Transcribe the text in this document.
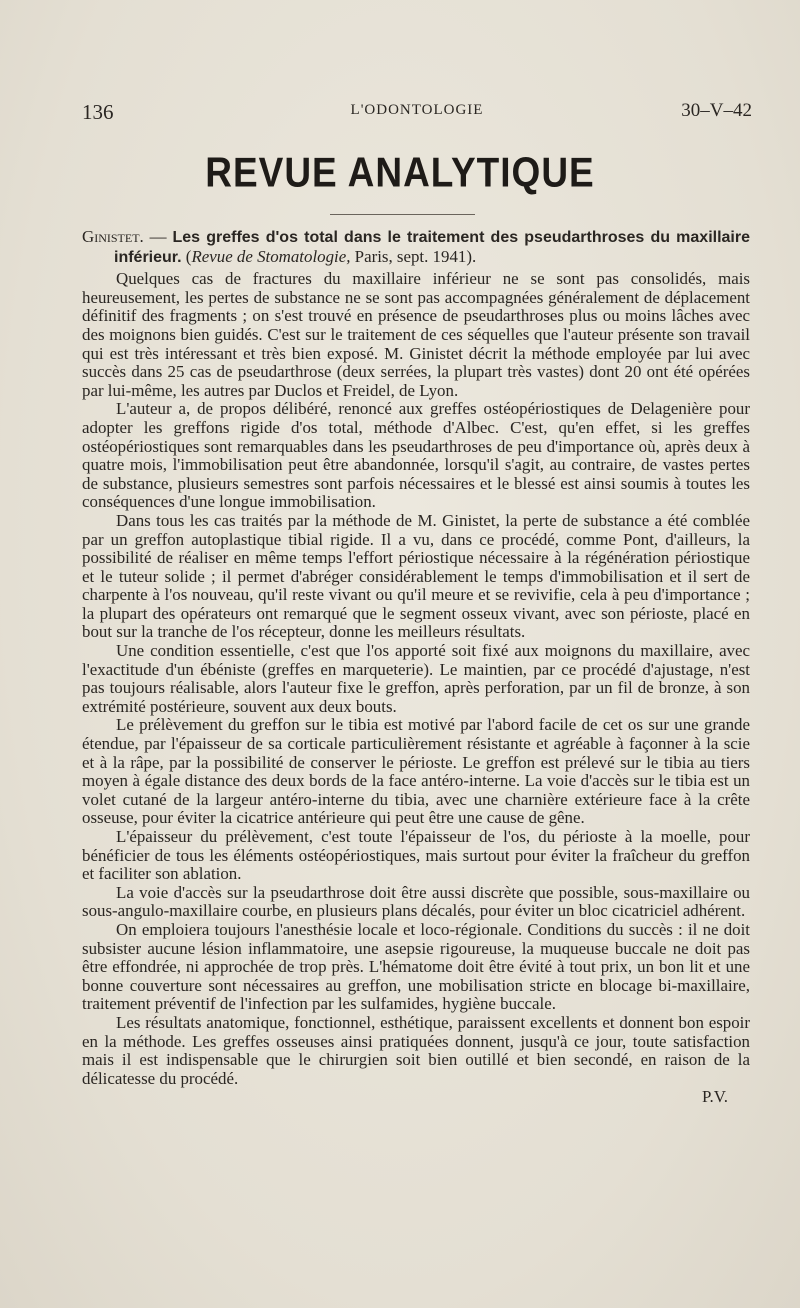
136	L'ODONTOLOGIE	30–V–42
REVUE ANALYTIQUE

Ginistet. — Les greffes d'os total dans le traitement des pseudarthroses du maxillaire inférieur. (Revue de Stomatologie, Paris, sept. 1941).

Quelques cas de fractures du maxillaire inférieur ne se sont pas consolidés, mais heureusement, les pertes de substance ne se sont pas accompagnées généralement de déplacement définitif des fragments ; on s'est trouvé en présence de pseudarthroses plus ou moins lâches avec des moignons bien guidés. C'est sur le traitement de ces séquelles que l'auteur présente son travail qui est très intéressant et très bien exposé. M. Ginistet décrit la méthode employée par lui avec succès dans 25 cas de pseudarthrose (deux serrées, la plupart très vastes) dont 20 ont été opérées par lui-même, les autres par Duclos et Freidel, de Lyon.

L'auteur a, de propos délibéré, renoncé aux greffes ostéopériostiques de Delagenière pour adopter les greffons rigide d'os total, méthode d'Albec. C'est, qu'en effet, si les greffes ostéopériostiques sont remarquables dans les pseudarthroses de peu d'importance où, après deux à quatre mois, l'immobilisation peut être abandonnée, lorsqu'il s'agit, au contraire, de vastes pertes de substance, plusieurs semestres sont parfois nécessaires et le blessé est ainsi soumis à toutes les conséquences d'une longue immobilisation.

Dans tous les cas traités par la méthode de M. Ginistet, la perte de substance a été comblée par un greffon autoplastique tibial rigide. Il a vu, dans ce procédé, comme Pont, d'ailleurs, la possibilité de réaliser en même temps l'effort périostique nécessaire à la régénération périostique et le tuteur solide ; il permet d'abréger considérablement le temps d'immobilisation et il sert de charpente à l'os nouveau, qu'il reste vivant ou qu'il meure et se revivifie, cela à peu d'importance ; la plupart des opérateurs ont remarqué que le segment osseux vivant, avec son périoste, placé en bout sur la tranche de l'os récepteur, donne les meilleurs résultats.

Une condition essentielle, c'est que l'os apporté soit fixé aux moignons du maxillaire, avec l'exactitude d'un ébéniste (greffes en marqueterie). Le maintien, par ce procédé d'ajustage, n'est pas toujours réalisable, alors l'auteur fixe le greffon, après perforation, par un fil de bronze, à son extrémité postérieure, souvent aux deux bouts.

Le prélèvement du greffon sur le tibia est motivé par l'abord facile de cet os sur une grande étendue, par l'épaisseur de sa corticale particulièrement résistante et agréable à façonner à la scie et à la râpe, par la possibilité de conserver le périoste. Le greffon est prélevé sur le tibia au tiers moyen à égale distance des deux bords de la face antéro-interne. La voie d'accès sur le tibia est un volet cutané de la largeur antéro-interne du tibia, avec une charnière extérieure face à la crête osseuse, pour éviter la cicatrice antérieure qui peut être une cause de gêne.

L'épaisseur du prélèvement, c'est toute l'épaisseur de l'os, du périoste à la moelle, pour bénéficier de tous les éléments ostéopériostiques, mais surtout pour éviter la fraîcheur du greffon et faciliter son ablation.

La voie d'accès sur la pseudarthrose doit être aussi discrète que possible, sous-maxillaire ou sous-angulo-maxillaire courbe, en plusieurs plans décalés, pour éviter un bloc cicatriciel adhérent.

On emploiera toujours l'anesthésie locale et loco-régionale. Conditions du succès : il ne doit subsister aucune lésion inflammatoire, une asepsie rigoureuse, la muqueuse buccale ne doit pas être effondrée, ni approchée de trop près. L'hématome doit être évité à tout prix, un bon lit et une bonne couverture sont nécessaires au greffon, une mobilisation stricte en blocage bi-maxillaire, traitement préventif de l'infection par les sulfamides, hygiène buccale.

Les résultats anatomique, fonctionnel, esthétique, paraissent excellents et donnent bon espoir en la méthode. Les greffes osseuses ainsi pratiquées donnent, jusqu'à ce jour, toute satisfaction mais il est indispensable que le chirurgien soit bien outillé et bien secondé, en raison de la délicatesse du procédé.

P.V.
